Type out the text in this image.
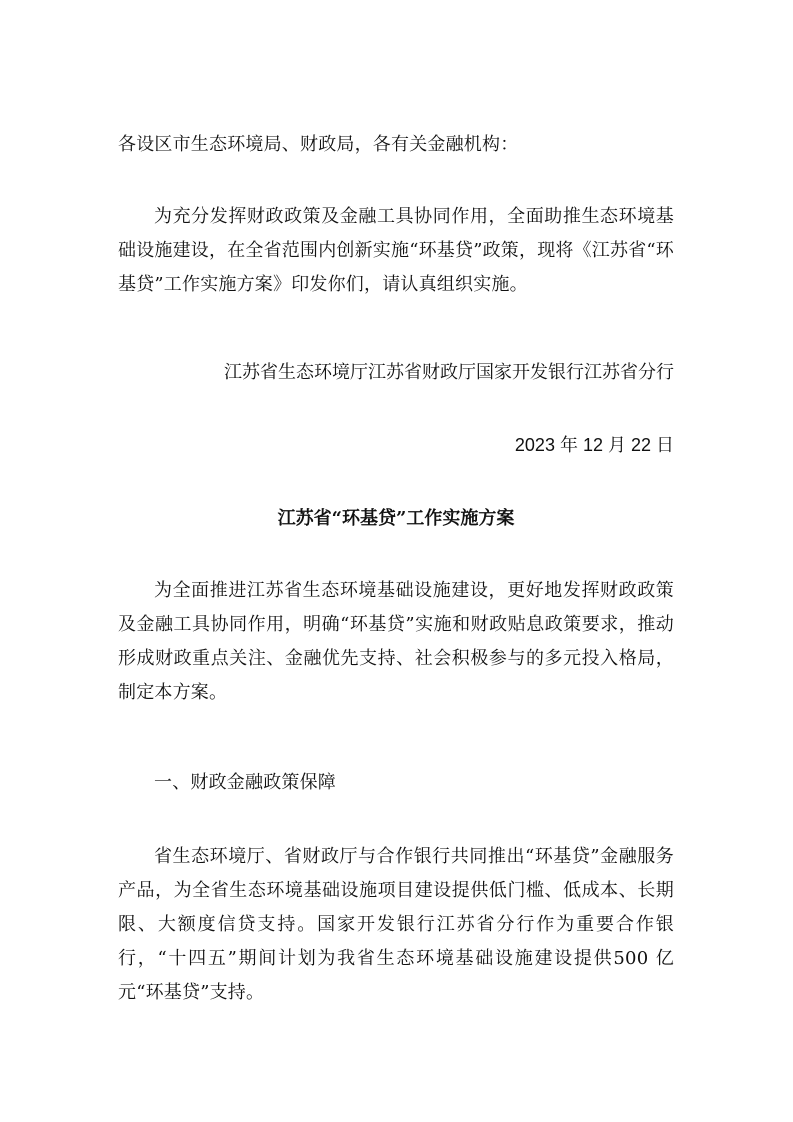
各设区市生态环境局、财政局，各有关金融机构：
为充分发挥财政政策及金融工具协同作用，全面助推生态环境基础设施建设，在全省范围内创新实施“环基贷”政策，现将《江苏省“环基贷”工作实施方案》印发你们，请认真组织实施。
江苏省生态环境厅江苏省财政厅国家开发银行江苏省分行
2023 年 12 月 22 日
江苏省“环基贷”工作实施方案
为全面推进江苏省生态环境基础设施建设，更好地发挥财政政策及金融工具协同作用，明确“环基贷”实施和财政贴息政策要求，推动形成财政重点关注、金融优先支持、社会积极参与的多元投入格局，制定本方案。
一、财政金融政策保障
省生态环境厅、省财政厅与合作银行共同推出“环基贷”金融服务产品，为全省生态环境基础设施项目建设提供低门槛、低成本、长期限、大额度信贷支持。国家开发银行江苏省分行作为重要合作银行，“十四五”期间计划为我省生态环境基础设施建设提供500 亿元“环基贷”支持。
